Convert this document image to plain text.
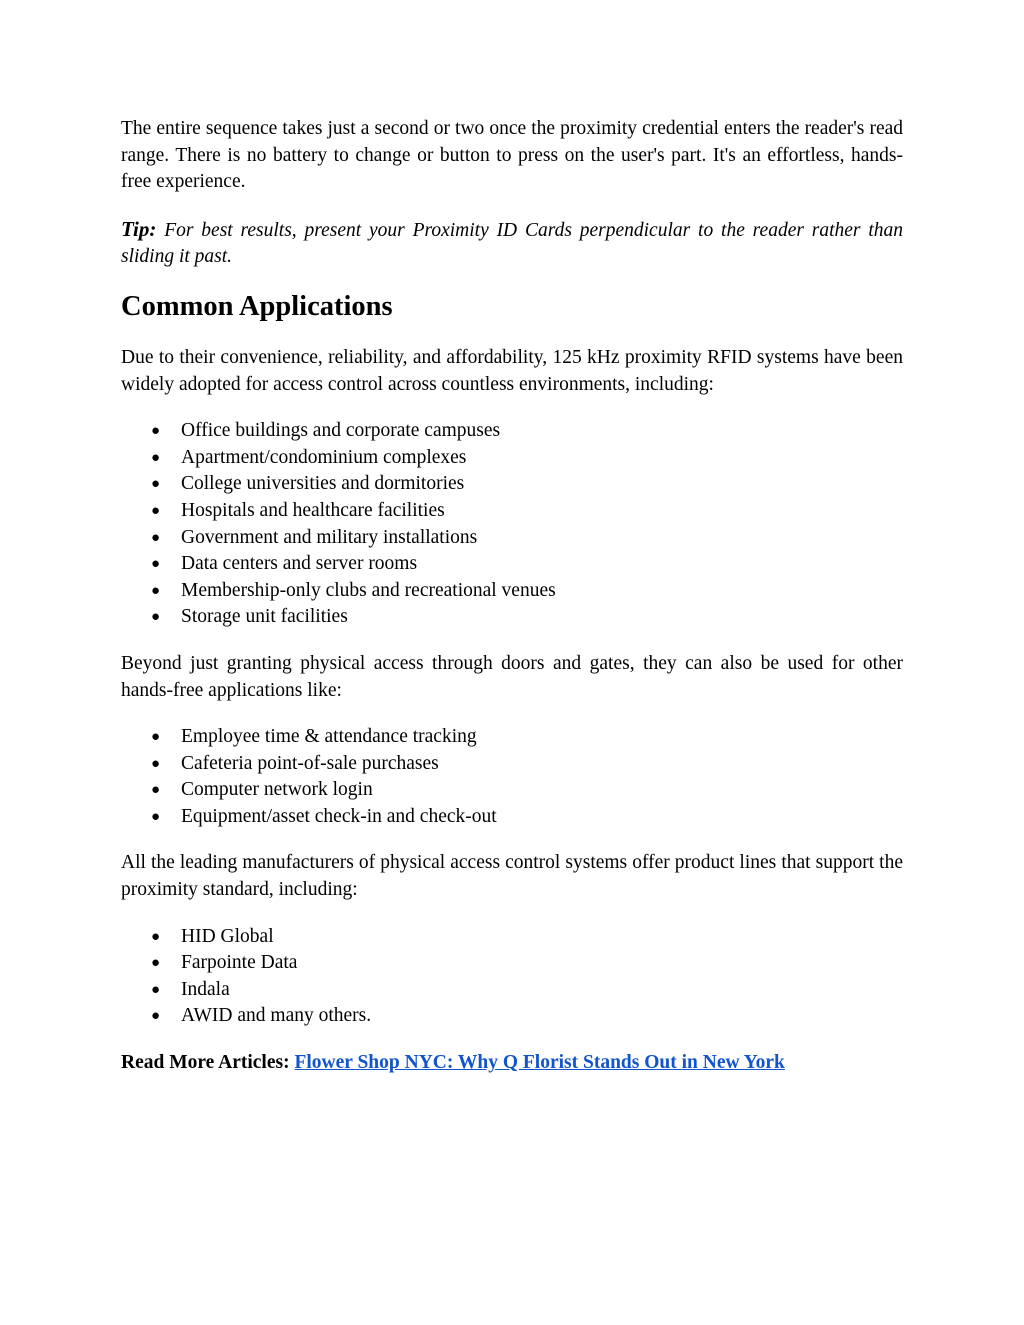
The entire sequence takes just a second or two once the proximity credential enters the reader's read range. There is no battery to change or button to press on the user's part. It's an effortless, hands-free experience.

Tip: For best results, present your Proximity ID Cards perpendicular to the reader rather than sliding it past.

Common Applications

Due to their convenience, reliability, and affordability, 125 kHz proximity RFID systems have been widely adopted for access control across countless environments, including:

● Office buildings and corporate campuses
● Apartment/condominium complexes
● College universities and dormitories
● Hospitals and healthcare facilities
● Government and military installations
● Data centers and server rooms
● Membership-only clubs and recreational venues
● Storage unit facilities

Beyond just granting physical access through doors and gates, they can also be used for other hands-free applications like:

● Employee time & attendance tracking
● Cafeteria point-of-sale purchases
● Computer network login
● Equipment/asset check-in and check-out

All the leading manufacturers of physical access control systems offer product lines that support the proximity standard, including:

● HID Global
● Farpointe Data
● Indala
● AWID and many others.

Read More Articles: Flower Shop NYC: Why Q Florist Stands Out in New York
